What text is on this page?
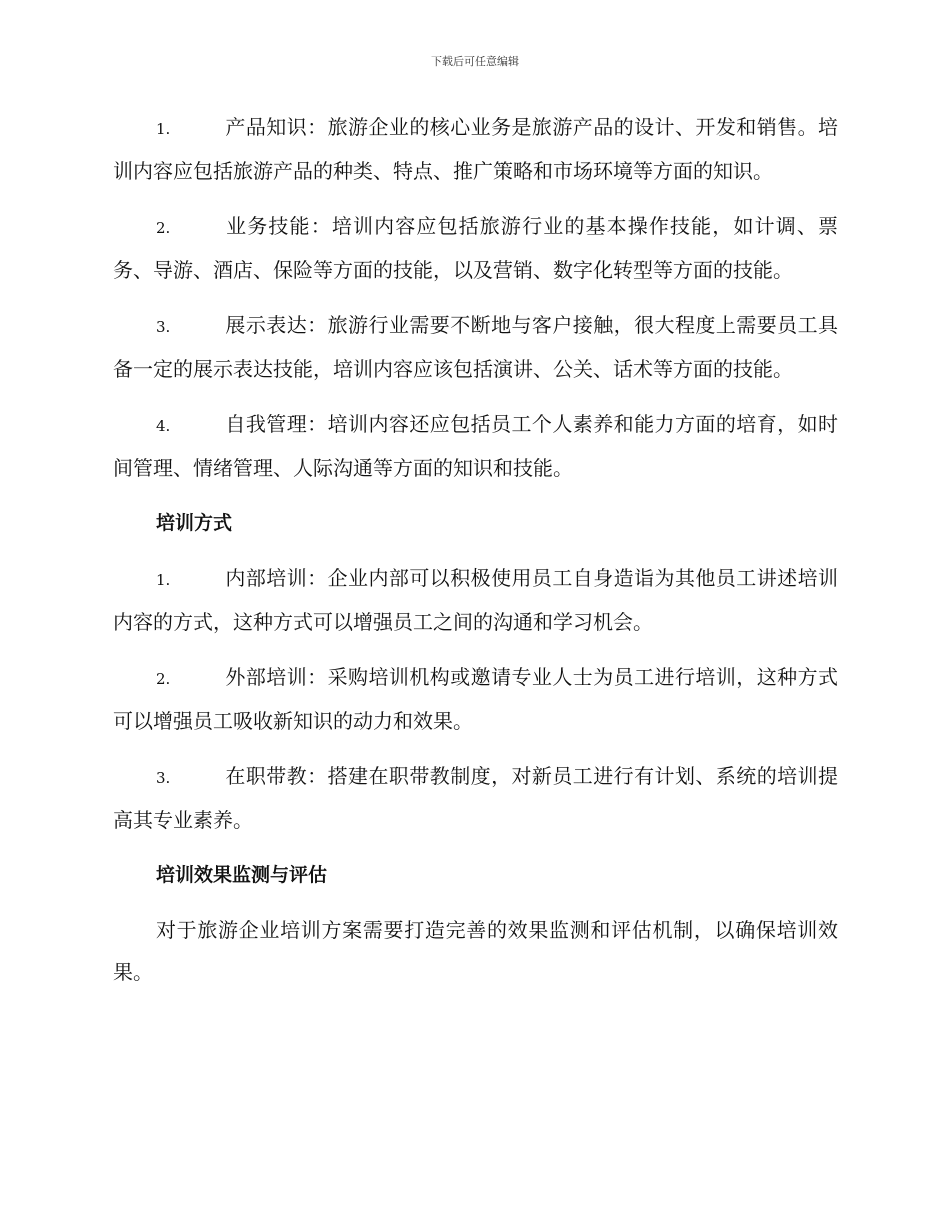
下载后可任意编辑

1.	产品知识：旅游企业的核心业务是旅游产品的设计、开发和销售。培训内容应包括旅游产品的种类、特点、推广策略和市场环境等方面的知识。

2.	业务技能：培训内容应包括旅游行业的基本操作技能，如计调、票务、导游、酒店、保险等方面的技能，以及营销、数字化转型等方面的技能。

3.	展示表达：旅游行业需要不断地与客户接触，很大程度上需要员工具备一定的展示表达技能，培训内容应该包括演讲、公关、话术等方面的技能。

4.	自我管理：培训内容还应包括员工个人素养和能力方面的培育，如时间管理、情绪管理、人际沟通等方面的知识和技能。

培训方式

1.	内部培训：企业内部可以积极使用员工自身造诣为其他员工讲述培训内容的方式，这种方式可以增强员工之间的沟通和学习机会。

2.	外部培训：采购培训机构或邀请专业人士为员工进行培训，这种方式可以增强员工吸收新知识的动力和效果。

3.	在职带教：搭建在职带教制度，对新员工进行有计划、系统的培训提高其专业素养。

培训效果监测与评估

对于旅游企业培训方案需要打造完善的效果监测和评估机制，以确保培训效果。
